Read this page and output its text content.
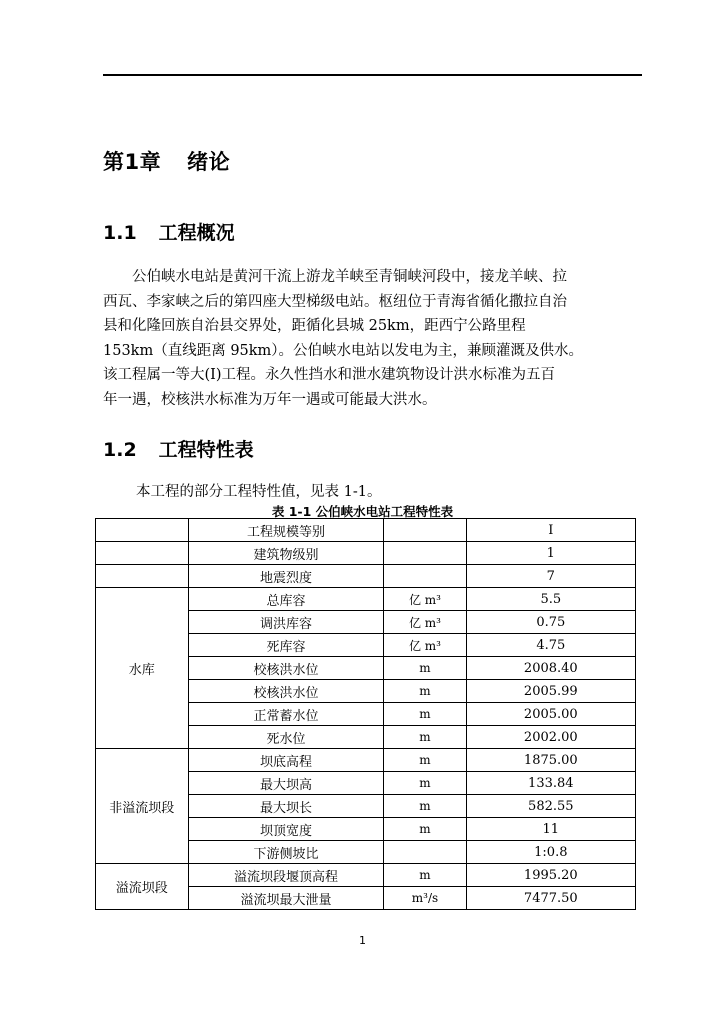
第1章 绪论
1.1 工程概况
　　公伯峡水电站是黄河干流上游龙羊峡至青铜峡河段中，接龙羊峡、拉
西瓦、李家峡之后的第四座大型梯级电站。枢纽位于青海省循化撒拉自治
县和化隆回族自治县交界处，距循化县城 25km，距西宁公路里程
153km（直线距离 95km）。公伯峡水电站以发电为主，兼顾灌溉及供水。
该工程属一等大(Ⅰ)工程。永久性挡水和泄水建筑物设计洪水标准为五百
年一遇，校核洪水标准为万年一遇或可能最大洪水。
1.2 工程特性表
本工程的部分工程特性值，见表 1-1。
表 1-1 公伯峡水电站工程特性表
	工程规模等别		Ⅰ
	建筑物级别		1
	地震烈度		7
水库	总库容	亿 m³	5.5
	调洪库容	亿 m³	0.75
	死库容	亿 m³	4.75
	校核洪水位	m	2008.40
	校核洪水位	m	2005.99
	正常蓄水位	m	2005.00
	死水位	m	2002.00
非溢流坝段	坝底高程	m	1875.00
	最大坝高	m	133.84
	最大坝长	m	582.55
	坝顶宽度	m	11
	下游侧坡比		1:0.8
溢流坝段	溢流坝段堰顶高程	m	1995.20
	溢流坝最大泄量	m³/s	7477.50
1
